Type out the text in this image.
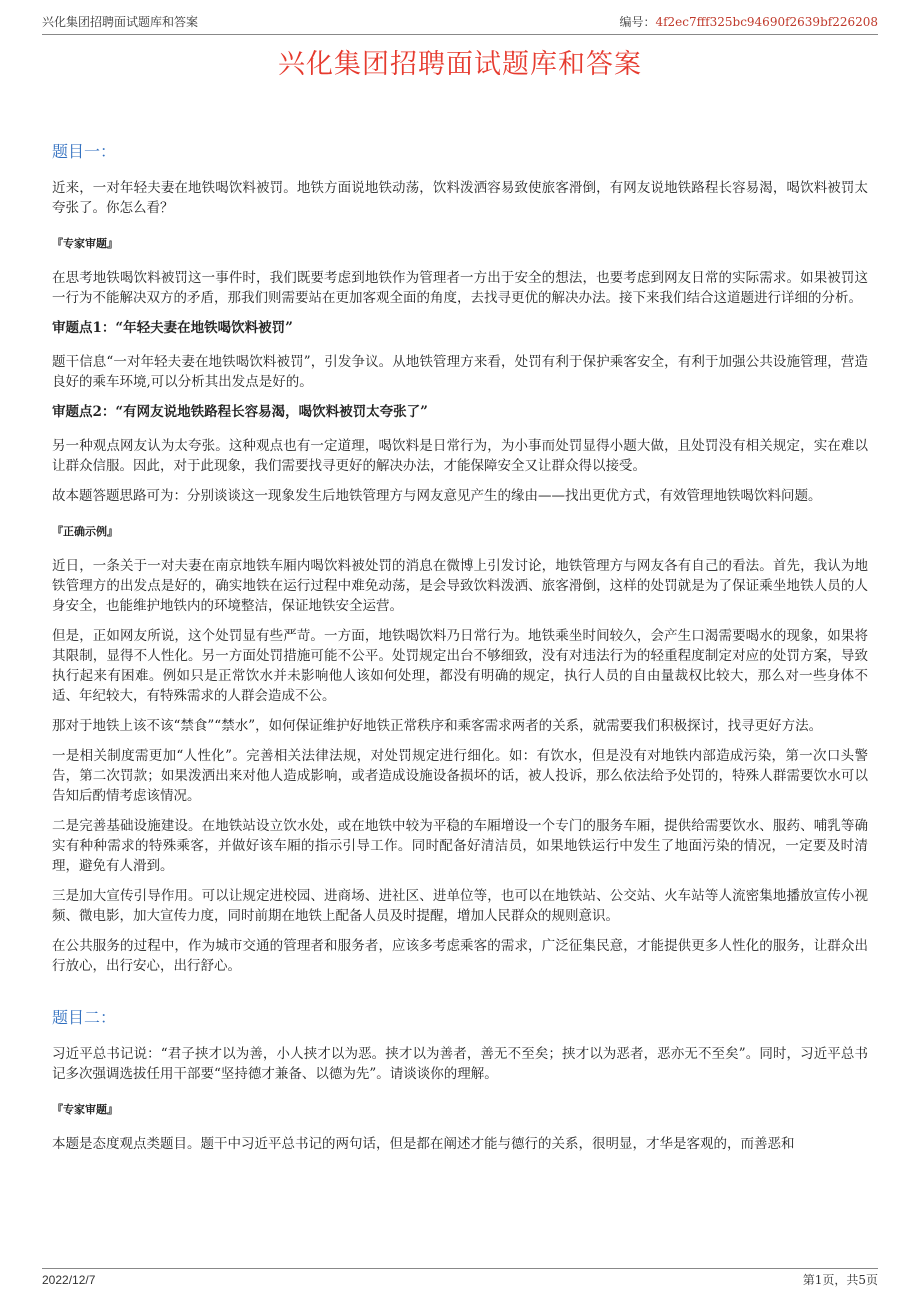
兴化集团招聘面试题库和答案	编号：4f2ec7fff325bc94690f2639bf226208
兴化集团招聘面试题库和答案
题目一：

近来，一对年轻夫妻在地铁喝饮料被罚。地铁方面说地铁动荡，饮料泼洒容易致使旅客滑倒，有网友说地铁路程长容易渴，喝饮料被罚太夸张了。你怎么看？

『专家审题』

在思考地铁喝饮料被罚这一事件时，我们既要考虑到地铁作为管理者一方出于安全的想法，也要考虑到网友日常的实际需求。如果被罚这一行为不能解决双方的矛盾，那我们则需要站在更加客观全面的角度，去找寻更优的解决办法。接下来我们结合这道题进行详细的分析。

审题点1：“年轻夫妻在地铁喝饮料被罚”

题干信息“一对年轻夫妻在地铁喝饮料被罚”，引发争议。从地铁管理方来看，处罚有利于保护乘客安全，有利于加强公共设施管理，营造良好的乘车环境,可以分析其出发点是好的。

审题点2：“有网友说地铁路程长容易渴，喝饮料被罚太夸张了”

另一种观点网友认为太夸张。这种观点也有一定道理，喝饮料是日常行为，为小事而处罚显得小题大做，且处罚没有相关规定，实在难以让群众信服。因此，对于此现象，我们需要找寻更好的解决办法，才能保障安全又让群众得以接受。

故本题答题思路可为：分别谈谈这一现象发生后地铁管理方与网友意见产生的缘由——找出更优方式，有效管理地铁喝饮料问题。

『正确示例』

近日，一条关于一对夫妻在南京地铁车厢内喝饮料被处罚的消息在微博上引发讨论，地铁管理方与网友各有自己的看法。首先，我认为地铁管理方的出发点是好的，确实地铁在运行过程中难免动荡，是会导致饮料泼洒、旅客滑倒，这样的处罚就是为了保证乘坐地铁人员的人身安全，也能维护地铁内的环境整洁，保证地铁安全运营。

但是，正如网友所说，这个处罚显有些严苛。一方面，地铁喝饮料乃日常行为。地铁乘坐时间较久，会产生口渴需要喝水的现象，如果将其限制，显得不人性化。另一方面处罚措施可能不公平。处罚规定出台不够细致，没有对违法行为的轻重程度制定对应的处罚方案，导致执行起来有困难。例如只是正常饮水并未影响他人该如何处理，都没有明确的规定，执行人员的自由量裁权比较大，那么对一些身体不适、年纪较大，有特殊需求的人群会造成不公。

那对于地铁上该不该“禁食”“禁水”，如何保证维护好地铁正常秩序和乘客需求两者的关系，就需要我们积极探讨，找寻更好方法。

一是相关制度需更加“人性化”。完善相关法律法规，对处罚规定进行细化。如：有饮水，但是没有对地铁内部造成污染，第一次口头警告，第二次罚款；如果泼洒出来对他人造成影响，或者造成设施设备损坏的话，被人投诉，那么依法给予处罚的，特殊人群需要饮水可以告知后酌情考虑该情况。

二是完善基础设施建设。在地铁站设立饮水处，或在地铁中较为平稳的车厢增设一个专门的服务车厢，提供给需要饮水、服药、哺乳等确实有种种需求的特殊乘客，并做好该车厢的指示引导工作。同时配备好清洁员，如果地铁运行中发生了地面污染的情况，一定要及时清理，避免有人滑到。

三是加大宣传引导作用。可以让规定进校园、进商场、进社区、进单位等，也可以在地铁站、公交站、火车站等人流密集地播放宣传小视频、微电影，加大宣传力度，同时前期在地铁上配备人员及时提醒，增加人民群众的规则意识。

在公共服务的过程中，作为城市交通的管理者和服务者，应该多考虑乘客的需求，广泛征集民意，才能提供更多人性化的服务，让群众出行放心，出行安心，出行舒心。

题目二：

习近平总书记说：“君子挟才以为善，小人挟才以为恶。挟才以为善者，善无不至矣；挟才以为恶者，恶亦无不至矣”。同时，习近平总书记多次强调选拔任用干部要“坚持德才兼备、以德为先”。请谈谈你的理解。

『专家审题』

本题是态度观点类题目。题干中习近平总书记的两句话，但是都在阐述才能与德行的关系，很明显，才华是客观的，而善恶和

2022/12/7	第1页，共5页
